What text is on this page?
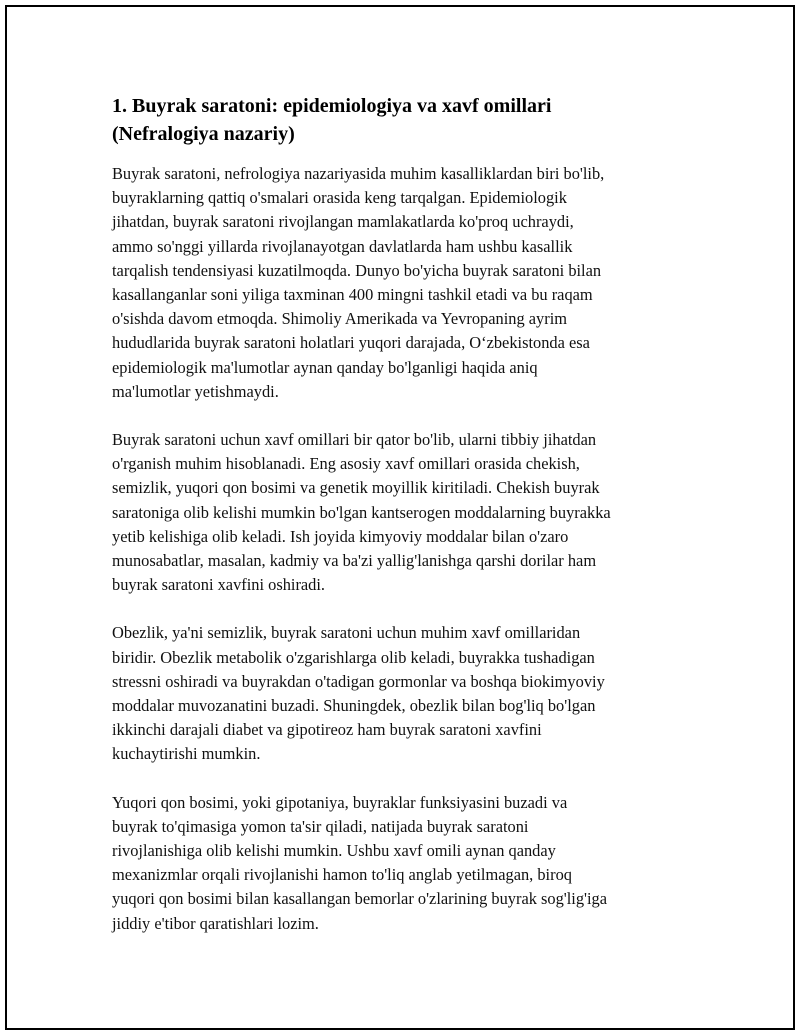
1. Buyrak saratoni: epidemiologiya va xavf omillari
(Nefralogiya nazariy)

Buyrak saratoni, nefrologiya nazariyasida muhim kasalliklardan biri bo'lib,
buyraklarning qattiq o'smalari orasida keng tarqalgan. Epidemiologik
jihatdan, buyrak saratoni rivojlangan mamlakatlarda ko'proq uchraydi,
ammo so'nggi yillarda rivojlanayotgan davlatlarda ham ushbu kasallik
tarqalish tendensiyasi kuzatilmoqda. Dunyo bo'yicha buyrak saratoni bilan
kasallanganlar soni yiliga taxminan 400 mingni tashkil etadi va bu raqam
o'sishda davom etmoqda. Shimoliy Amerikada va Yevropaning ayrim
hududlarida buyrak saratoni holatlari yuqori darajada, O‘zbekistonda esa
epidemiologik ma'lumotlar aynan qanday bo'lganligi haqida aniq
ma'lumotlar yetishmaydi.

Buyrak saratoni uchun xavf omillari bir qator bo'lib, ularni tibbiy jihatdan
o'rganish muhim hisoblanadi. Eng asosiy xavf omillari orasida chekish,
semizlik, yuqori qon bosimi va genetik moyillik kiritiladi. Chekish buyrak
saratoniga olib kelishi mumkin bo'lgan kantserogen moddalarning buyrakka
yetib kelishiga olib keladi. Ish joyida kimyoviy moddalar bilan o'zaro
munosabatlar, masalan, kadmiy va ba'zi yallig'lanishga qarshi dorilar ham
buyrak saratoni xavfini oshiradi.

Obezlik, ya'ni semizlik, buyrak saratoni uchun muhim xavf omillaridan
biridir. Obezlik metabolik o'zgarishlarga olib keladi, buyrakka tushadigan
stressni oshiradi va buyrakdan o'tadigan gormonlar va boshqa biokimyoviy
moddalar muvozanatini buzadi. Shuningdek, obezlik bilan bog'liq bo'lgan
ikkinchi darajali diabet va gipotireoz ham buyrak saratoni xavfini
kuchaytirishi mumkin.

Yuqori qon bosimi, yoki gipotaniya, buyraklar funksiyasini buzadi va
buyrak to'qimasiga yomon ta'sir qiladi, natijada buyrak saratoni
rivojlanishiga olib kelishi mumkin. Ushbu xavf omili aynan qanday
mexanizmlar orqali rivojlanishi hamon to'liq anglab yetilmagan, biroq
yuqori qon bosimi bilan kasallangan bemorlar o'zlarining buyrak sog'lig'iga
jiddiy e'tibor qaratishlari lozim.
